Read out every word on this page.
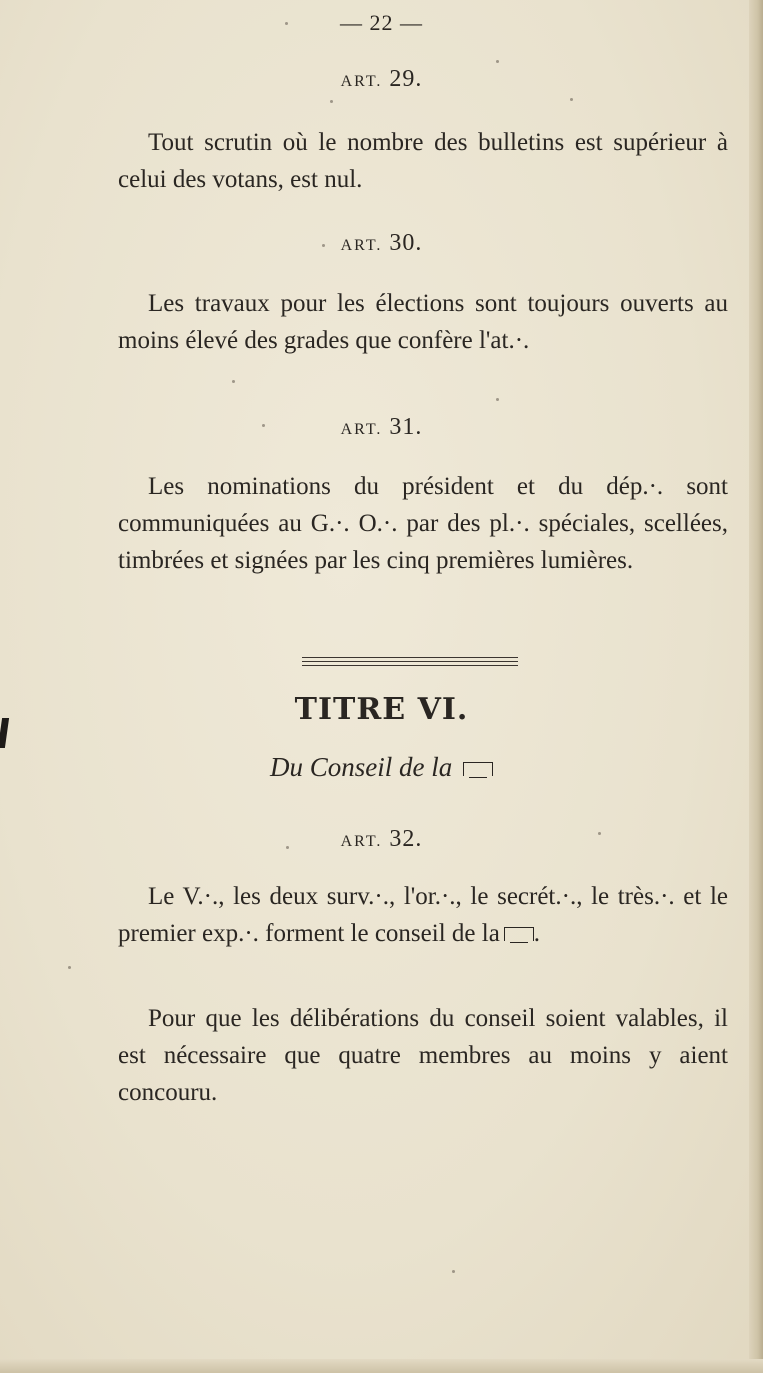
— 22 —
ART. 29.
Tout scrutin où le nombre des bulletins est supérieur à celui des votans, est nul.
ART. 30.
Les travaux pour les élections sont toujours ouverts au moins élevé des grades que confère l'at.·.
ART. 31.
Les nominations du président et du dép.·. sont communiquées au G.·. O.·. par des pl.·. spéciales, scellées, timbrées et signées par les cinq premières lumières.
TITRE VI.
Du Conseil de la
ART. 32.
Le V.·., les deux surv.·., l'or.·., le secrét.·., le très.·. et le premier exp.·. forment le conseil de la .
Pour que les délibérations du conseil soient valables, il est nécessaire que quatre membres au moins y aient concouru.
